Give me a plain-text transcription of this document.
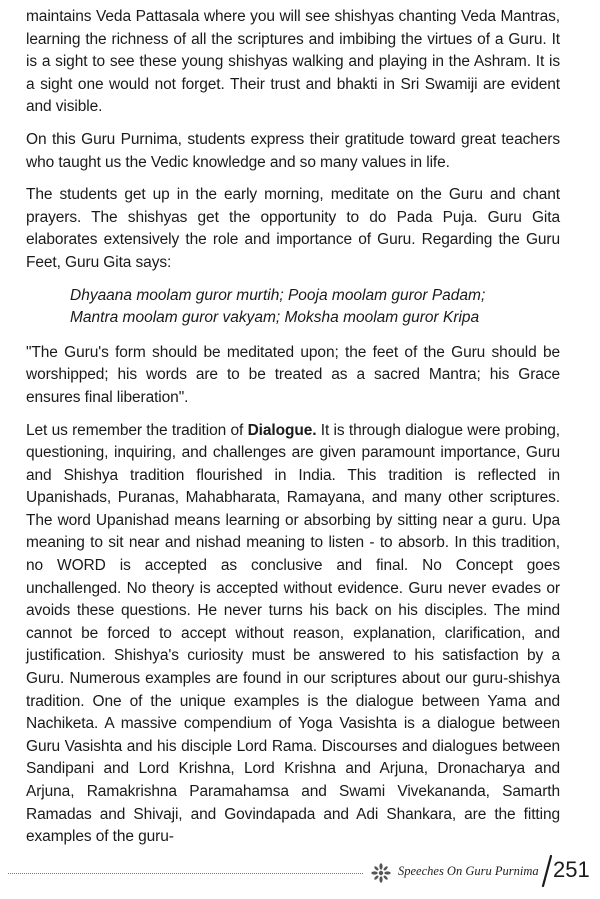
maintains Veda Pattasala where you will see shishyas chanting Veda Mantras, learning the richness of all the scriptures and imbibing the virtues of a Guru. It is a sight to see these young shishyas walking and playing in the Ashram. It is a sight one would not forget. Their trust and bhakti in Sri Swamiji are evident and visible.

On this Guru Purnima, students express their gratitude toward great teachers who taught us the Vedic knowledge and so many values in life.

The students get up in the early morning, meditate on the Guru and chant prayers. The shishyas get the opportunity to do Pada Puja. Guru Gita elaborates extensively the role and importance of Guru. Regarding the Guru Feet, Guru Gita says:

Dhyaana moolam guror murtih; Pooja moolam guror Padam;
Mantra moolam guror vakyam; Moksha moolam guror Kripa

"The Guru's form should be meditated upon; the feet of the Guru should be worshipped; his words are to be treated as a sacred Mantra; his Grace ensures final liberation".

Let us remember the tradition of Dialogue. It is through dialogue were probing, questioning, inquiring, and challenges are given paramount importance, Guru and Shishya tradition flourished in India. This tradition is reflected in Upanishads, Puranas, Mahabharata, Ramayana, and many other scriptures. The word Upanishad means learning or absorbing by sitting near a guru. Upa meaning to sit near and nishad meaning to listen - to absorb. In this tradition, no WORD is accepted as conclusive and final. No Concept goes unchallenged. No theory is accepted without evidence. Guru never evades or avoids these questions. He never turns his back on his disciples. The mind cannot be forced to accept without reason, explanation, clarification, and justification. Shishya's curiosity must be answered to his satisfaction by a Guru. Numerous examples are found in our scriptures about our guru-shishya tradition. One of the unique examples is the dialogue between Yama and Nachiketa. A massive compendium of Yoga Vasishta is a dialogue between Guru Vasishta and his disciple Lord Rama. Discourses and dialogues between Sandipani and Lord Krishna, Lord Krishna and Arjuna, Dronacharya and Arjuna, Ramakrishna Paramahamsa and Swami Vivekananda, Samarth Ramadas and Shivaji, and Govindapada and Adi Shankara, are the fitting examples of the guru-

Speeches On Guru Purnima 251
